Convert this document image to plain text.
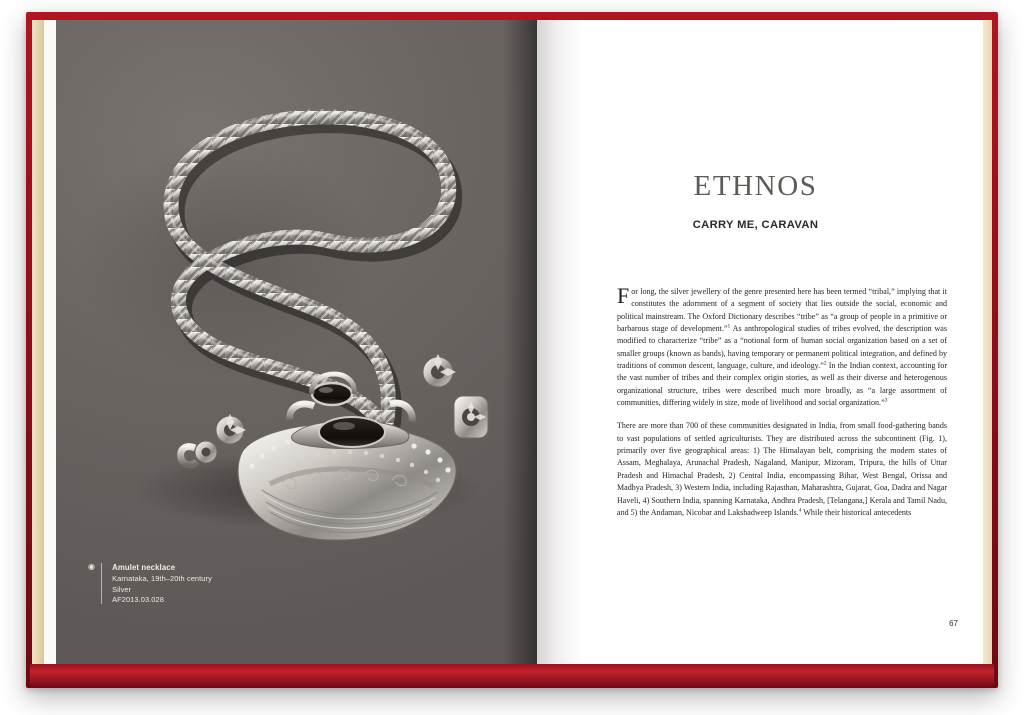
◉ Amulet necklace
Karnataka, 19th–20th century
Silver
AF2013.03.028
ETHNOS
CARRY ME, CARAVAN

For long, the silver jewellery of the genre presented here has been termed “tribal,” implying that it constitutes the adornment of a segment of society that lies outside the social, economic and political mainstream. The Oxford Dictionary describes “tribe” as “a group of people in a primitive or barbarous stage of development.”$^1$ As anthropological studies of tribes evolved, the description was modified to characterize “tribe” as a “notional form of human social organization based on a set of smaller groups (known as bands), having temporary or permanent political integration, and defined by traditions of common descent, language, culture, and ideology.”$^2$ In the Indian context, accounting for the vast number of tribes and their complex origin stories, as well as their diverse and heterogenous organizational structure, tribes were described much more broadly, as “a large assortment of communities, differing widely in size, mode of livelihood and social organization.”$^3$

There are more than 700 of these communities designated in India, from small food-gathering bands to vast populations of settled agriculturists. They are distributed across the subcontinent (Fig. 1), primarily over five geographical areas: 1) The Himalayan belt, comprising the modern states of Assam, Meghalaya, Arunachal Pradesh, Nagaland, Manipur, Mizoram, Tripura, the hills of Uttar Pradesh and Himachal Pradesh, 2) Central India, encompassing Bihar, West Bengal, Orissa and Madhya Pradesh, 3) Western India, including Rajasthan, Maharashtra, Gujarat, Goa, Dadra and Nagar Haveli, 4) Southern India, spanning Karnataka, Andhra Pradesh, [Telangana,] Kerala and Tamil Nadu, and 5) the Andaman, Nicobar and Lakshadweep Islands.$^4$ While their historical antecedents

67
